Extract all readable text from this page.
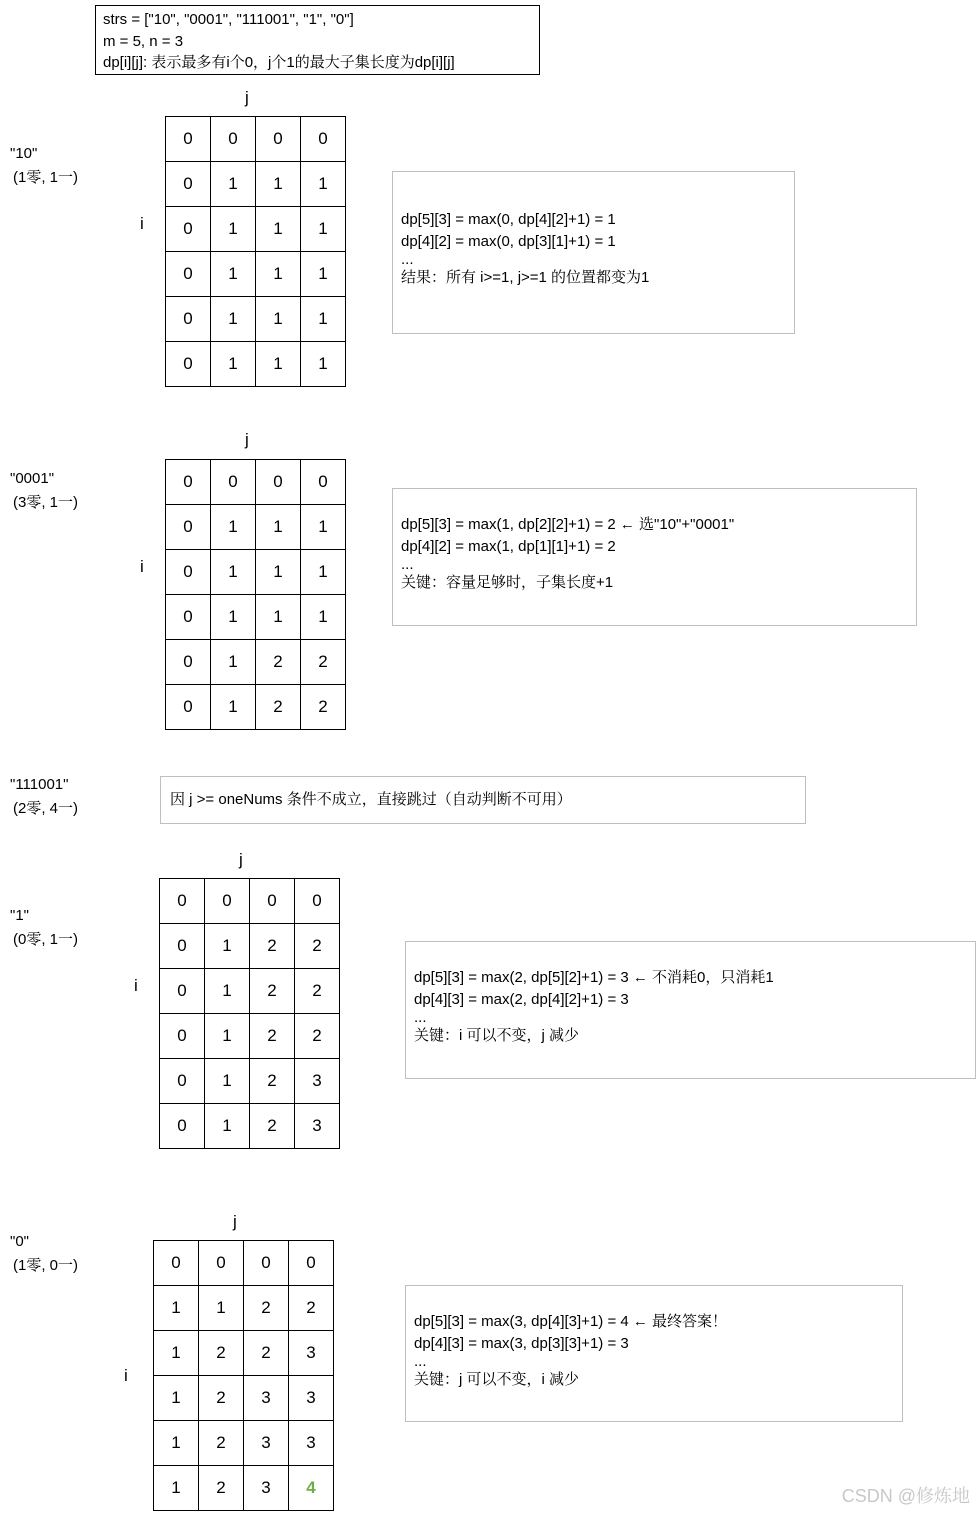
strs = ["10", "0001", "111001", "1", "0"]
m = 5, n = 3
dp[i][j]: 表示最多有i个0，j个1的最大子集长度为dp[i][j]
CSDN @修炼地
"10"
(1零, 1一)
j
i
0	0	0	0
0	1	1	1
0	1	1	1
0	1	1	1
0	1	1	1
0	1	1	1
dp[5][3] = max(0, dp[4][2]+1) = 1
dp[4][2] = max(0, dp[3][1]+1) = 1
...
结果：所有 i>=1, j>=1 的位置都变为1
"0001"
(3零, 1一)
j
i
0	0	0	0
0	1	1	1
0	1	1	1
0	1	1	1
0	1	2	2
0	1	2	2
dp[5][3] = max(1, dp[2][2]+1) = 2 ← 选"10"+"0001"
dp[4][2] = max(1, dp[1][1]+1) = 2
...
关键：容量足够时，子集长度+1
"111001"
(2零, 4一)
因 j >= oneNums 条件不成立，直接跳过（自动判断不可用）
"1"
(0零, 1一)
j
i
0	0	0	0
0	1	2	2
0	1	2	2
0	1	2	2
0	1	2	3
0	1	2	3
dp[5][3] = max(2, dp[5][2]+1) = 3 ← 不消耗0，只消耗1
dp[4][3] = max(2, dp[4][2]+1) = 3
...
关键：i 可以不变，j 减少
"0"
(1零, 0一)
j
i
0	0	0	0
1	1	2	2
1	2	2	3
1	2	3	3
1	2	3	3
1	2	3	4
dp[5][3] = max(3, dp[4][3]+1) = 4 ← 最终答案！
dp[4][3] = max(3, dp[3][3]+1) = 3
...
关键：j 可以不变，i 减少
